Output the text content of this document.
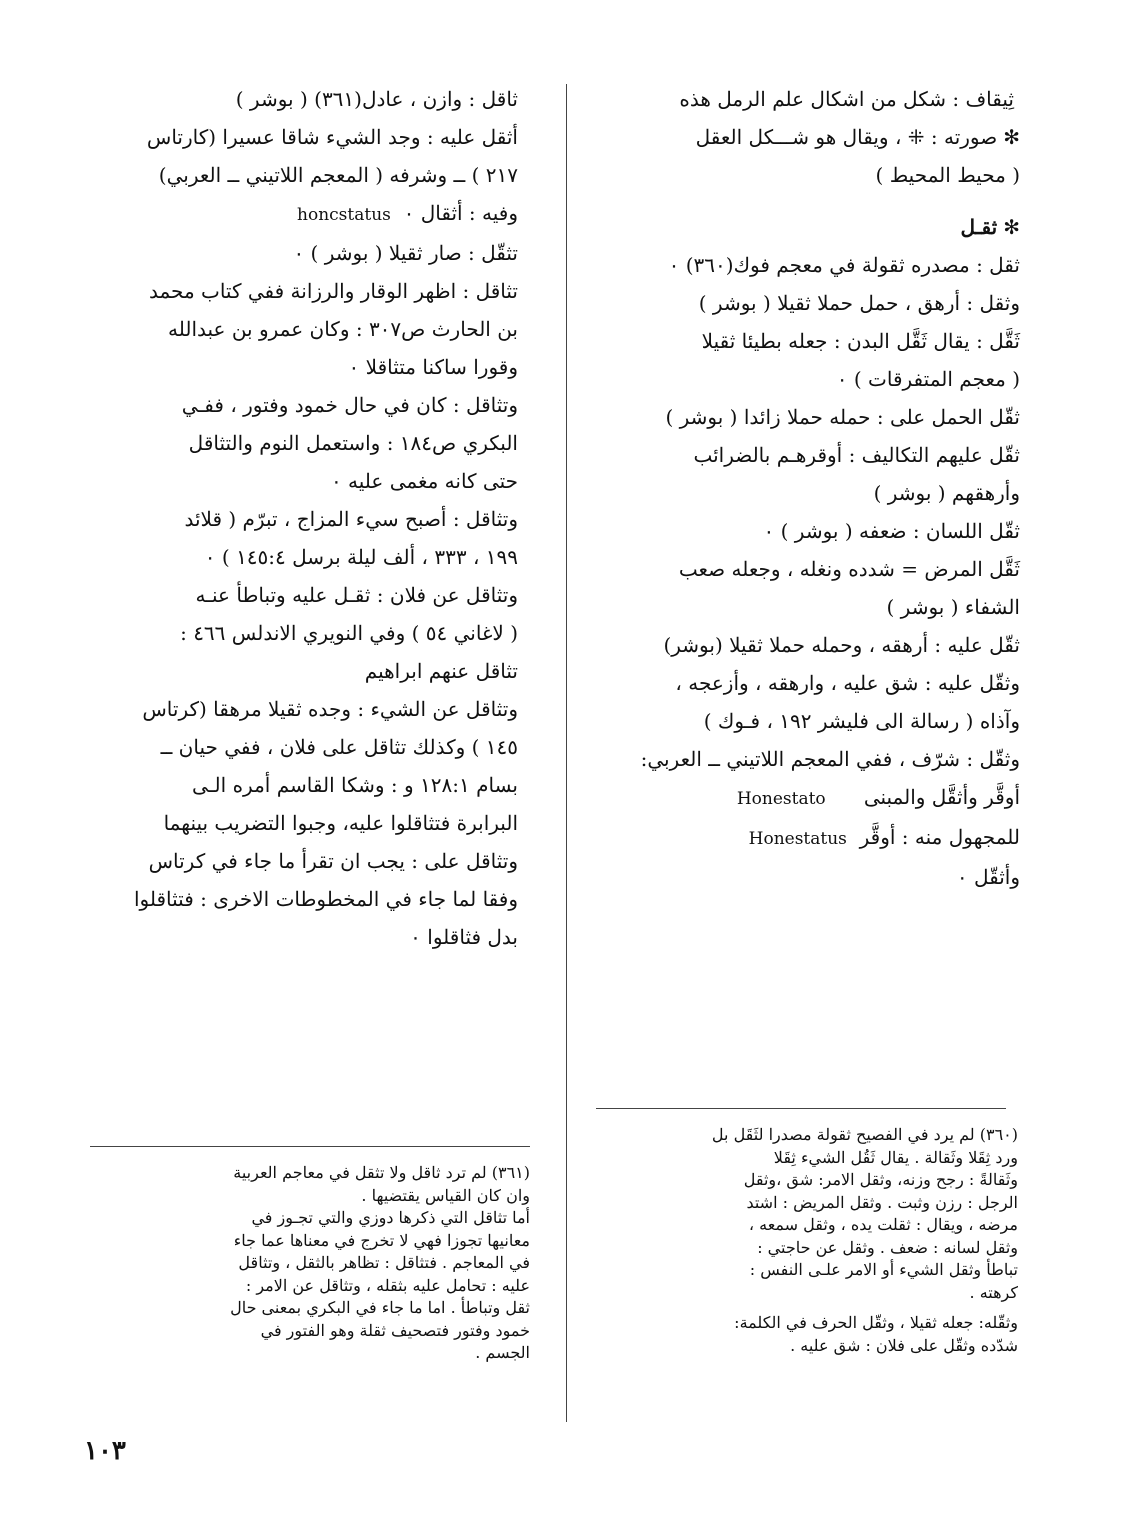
ثِيقاف : شكل من اشكال علم الرمل هذه

✻صورته : ⁜ ، ويقال هو شـــكل العقل

( محيط المحيط )

✻ثقـل

ثقل : مصدره ثقولة في معجم فوك(٣٦٠) ٠

وثقل : أرهق ، حمل حملا ثقيلا ( بوشر )

ثَقَّل : يقال ثَقَّل البدن : جعله بطيئا ثقيلا

( معجم المتفرقات ) ٠

ثقّل الحمل على : حمله حملا زائدا ( بوشر )

ثقّل عليهم التكاليف : أوقرهـم بالضرائب

وأرهقهم ( بوشر )

ثقّل اللسان : ضعفه ( بوشر ) ٠

ثَقَّل المرض = شدده ونغله ، وجعله صعب

الشفاء ( بوشر )

ثقّل عليه : أرهقه ، وحمله حملا ثقيلا (بوشر)

وثقّل عليه : شق عليه ، وارهقه ، وأزعجه ،

وآذاه ( رسالة الى فليشر ١٩٢ ، فـوك )

وثقّل : شرّف ، ففي المعجم اللاتيني ــ العربي:

أوقَّر وأثقَّل والمبنى      Honestato

للمجهول منه : أوقَّر  Honestatus

وأثقّل ٠

ثاقل : وازن ، عادل(٣٦١) ( بوشر )

أثقل عليه : وجد الشيء شاقا عسيرا (كارتاس

٢١٧ ) ــ وشرفه ( المعجم اللاتيني ــ العربي)

وفيه : أثقال ٠  honcstatus

تثقّل : صار ثقيلا ( بوشر ) ٠

تثاقل : اظهر الوقار والرزانة ففي كتاب محمد

بن الحارث ص٣٠٧ : وكان عمرو بن عبدالله

وقورا ساكنا متثاقلا ٠

وتثاقل : كان في حال خمود وفتور ، ففـي

البكري ص١٨٤ : واستعمل النوم والتثاقل

حتى كانه مغمى عليه ٠

وتثاقل : أصبح سيء المزاج ، تبرّم ( قلائد

١٩٩ ، ٣٣٣ ، ألف ليلة برسل ١٤٥:٤ ) ٠

وتثاقل عن فلان : ثقـل عليه وتباطأ عنـه

( لاغاني ٥٤ ) وفي النويري الاندلس ٤٦٦ :

تثاقل عنهم ابراهيم

وتثاقل عن الشيء : وجده ثقيلا مرهقا (كرتاس

١٤٥ ) وكذلك تثاقل على فلان ، ففي حيان ــ

بسام ١٢٨:١ و : وشكا القاسم أمره الـى

البرابرة فتثاقلوا عليه، وجبوا التضريب بينهما

وتثاقل على : يجب ان تقرأ ما جاء في كرتاس

وفقا لما جاء في المخطوطات الاخرى : فتثاقلوا

بدل فثاقلوا ٠

(٣٦٠) لم يرد في الفصيح ثقولة مصدرا لثَقَل بل

ورد ثِقَلا وثَقالة . يقال ثَقُل الشيء ثِقَلا

وثَقالةً : رجح وزنه، وثقل الامر: شق ،وثقل

الرجل : رزن وثبت . وثقل المريض : اشتد

مرضه ، ويقال : ثقلت يده ، وثقل سمعه ،

وثقل لسانه : ضعف . وثقل عن حاجتي :

تباطأ وثقل الشيء أو الامر علـى النفس :

كرهته .

وثقّله: جعله ثقيلا ، وثقّل الحرف في الكلمة:

شدّده وثقّل على فلان : شق عليه .

(٣٦١) لم ترد ثاقل ولا تثقل في معاجم العربية

وان كان القياس يقتضيها .

أما تثاقل التي ذكرها دوزي والتي تجـوز في

معانيها تجوزا فهي لا تخرج في معناها عما جاء

في المعاجم . فتثاقل : تظاهر بالثقل ، وتثاقل

عليه : تحامل عليه بثقله ، وتثاقل عن الامر :

ثقل وتباطأ . اما ما جاء في البكري بمعنى حال

خمود وفتور فتصحيف ثقلة وهو الفتور في

الجسم .

١٠٣
